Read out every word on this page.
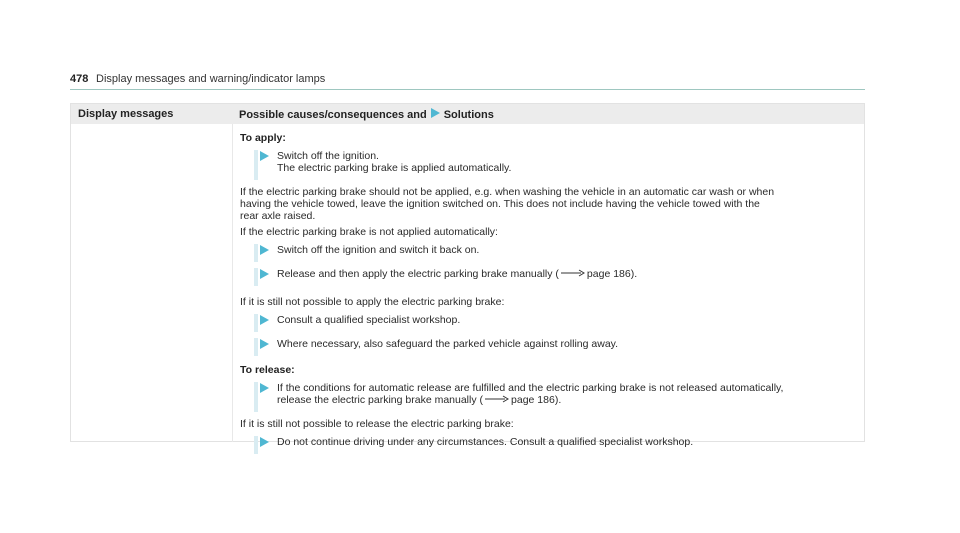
478 Display messages and warning/indicator lamps
Display messages	Possible causes/consequences and Solutions
To apply:
Switch off the ignition.
The electric parking brake is applied automatically.
If the electric parking brake should not be applied, e.g. when washing the vehicle in an automatic car wash or when
having the vehicle towed, leave the ignition switched on. This does not include having the vehicle towed with the
rear axle raised.
If the electric parking brake is not applied automatically:
Switch off the ignition and switch it back on.
Release and then apply the electric parking brake manually (	page 186).
If it is still not possible to apply the electric parking brake:
Consult a qualified specialist workshop.
Where necessary, also safeguard the parked vehicle against rolling away.
To release:
If the conditions for automatic release are fulfilled and the electric parking brake is not released automatically,
release the electric parking brake manually (	page 186).
If it is still not possible to release the electric parking brake:
Do not continue driving under any circumstances. Consult a qualified specialist workshop.
